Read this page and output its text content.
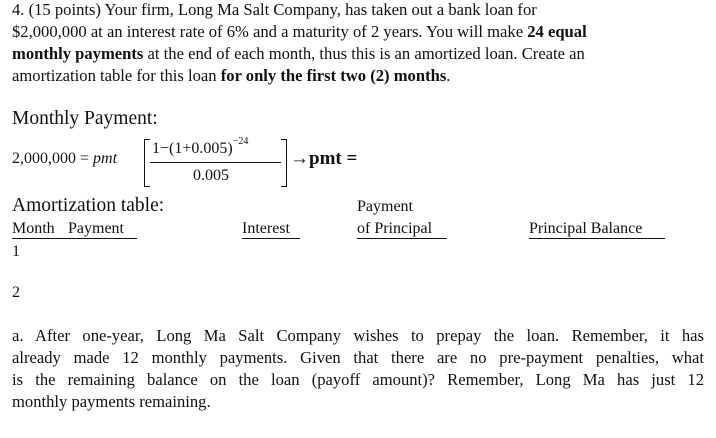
4. (15 points) Your firm, Long Ma Salt Company, has taken out a bank loan for
$2,000,000 at an interest rate of 6% and a maturity of 2 years. You will make 24 equal
monthly payments at the end of each month, thus this is an amortized loan. Create an
amortization table for this loan for only the first two (2) months.
Monthly Payment:
2,000,000 = pmt
$1-(1+0.005)^{-24}$
0.005
→pmt =
Amortization table:	Payment
Month Payment	Interest	of Principal	Principal Balance
1
2
a. After one-year, Long Ma Salt Company wishes to prepay the loan. Remember, it has
already made 12 monthly payments. Given that there are no pre-payment penalties, what
is the remaining balance on the loan (payoff amount)? Remember, Long Ma has just 12
monthly payments remaining.
